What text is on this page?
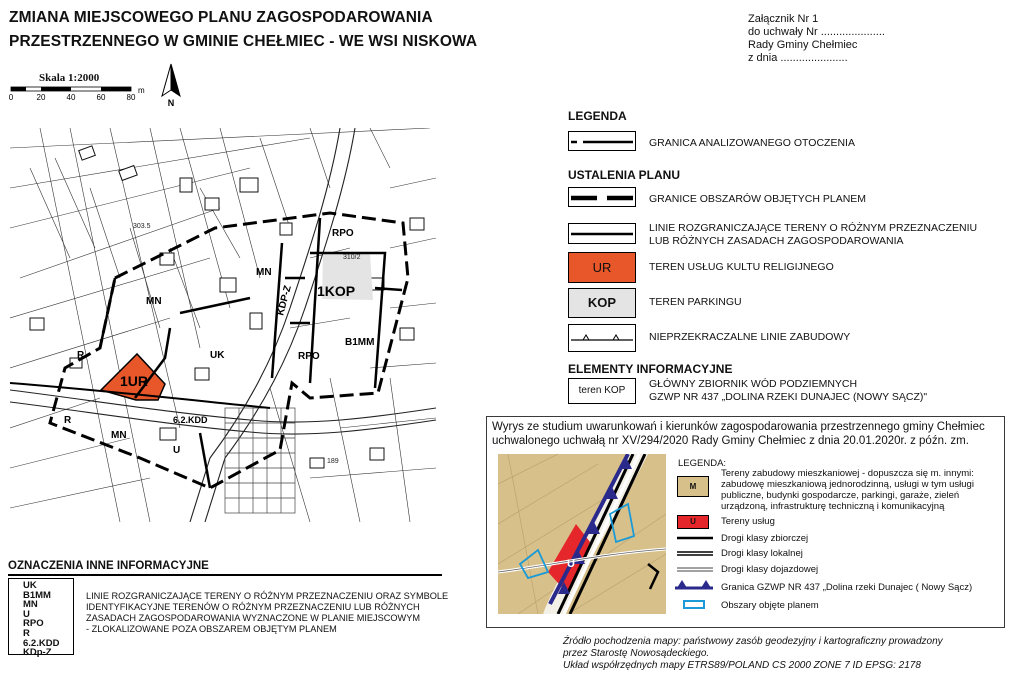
ZMIANA MIEJSCOWEGO PLANU ZAGOSPODAROWANIA
PRZESTRZENNEGO W GMINIE CHEŁMIEC - WE WSI NISKOWA
Załącznik Nr 1
do uchwały Nr .....................
Rady Gminy Chełmiec
z dnia ......................
Skala 1:2000
0	20	40	60	80
m
N
1UR
1KOP
KDP-Z
MN
MN
MN
UK
RPO
RPO
B1MM
R
R
U
6.2.KDD
310/2
303.5
189
LEGENDA
GRANICA ANALIZOWANEGO OTOCZENIA
USTALENIA PLANU
GRANICE OBSZARÓW OBJĘTYCH PLANEM
LINIE ROZGRANICZAJĄCE TERENY O RÓŻNYM PRZEZNACZENIU
LUB RÓŻNYCH ZASADACH ZAGOSPODAROWANIA
UR	TEREN USŁUG KULTU RELIGIJNEGO
KOP	TEREN PARKINGU
NIEPRZEKRACZALNE LINIE ZABUDOWY
ELEMENTY INFORMACYJNE
teren KOP
GŁÓWNY ZBIORNIK WÓD PODZIEMNYCH
GZWP NR 437 „DOLINA RZEKI DUNAJEC (NOWY SĄCZ)"
Wyrys ze studium uwarunkowań i kierunków zagospodarowania przestrzennego gminy Chełmiec
uchwalonego uchwałą nr XV/294/2020 Rady Gminy Chełmiec z dnia 20.01.2020r. z późn. zm.
U
LEGENDA:
M
Tereny zabudowy mieszkaniowej - dopuszcza się m. innymi:
zabudowę mieszkaniową jednorodzinną, usługi w tym usługi
publiczne, budynki gospodarcze, parkingi, garaże, zieleń
urządzoną, infrastrukturę techniczną i komunikacyjną
U	Tereny usług
Drogi klasy zbiorczej
Drogi klasy lokalnej
Drogi klasy dojazdowej
Granica GZWP NR 437 „Dolina rzeki Dunajec ( Nowy Sącz)
Obszary objęte planem
Źródło pochodzenia mapy: państwowy zasób geodezyjny i kartograficzny prowadzony
przez Starostę Nowosądeckiego.
Układ współrzędnych mapy ETRS89/POLAND CS 2000 ZONE 7 ID EPSG: 2178
OZNACZENIA INNE INFORMACYJNE
UK
B1MM
MN
U
RPO
R
6.2.KDD
KDp-Z
LINIE ROZGRANICZAJĄCE TERENY O RÓŻNYM PRZEZNACZENIU ORAZ SYMBOLE
IDENTYFIKACYJNE TERENÓW O RÓŻNYM PRZEZNACZENIU LUB RÓŻNYCH
ZASADACH ZAGOSPODAROWANIA WYZNACZONE W PLANIE MIEJSCOWYM
- ZLOKALIZOWANE POZA OBSZAREM OBJĘTYM PLANEM
